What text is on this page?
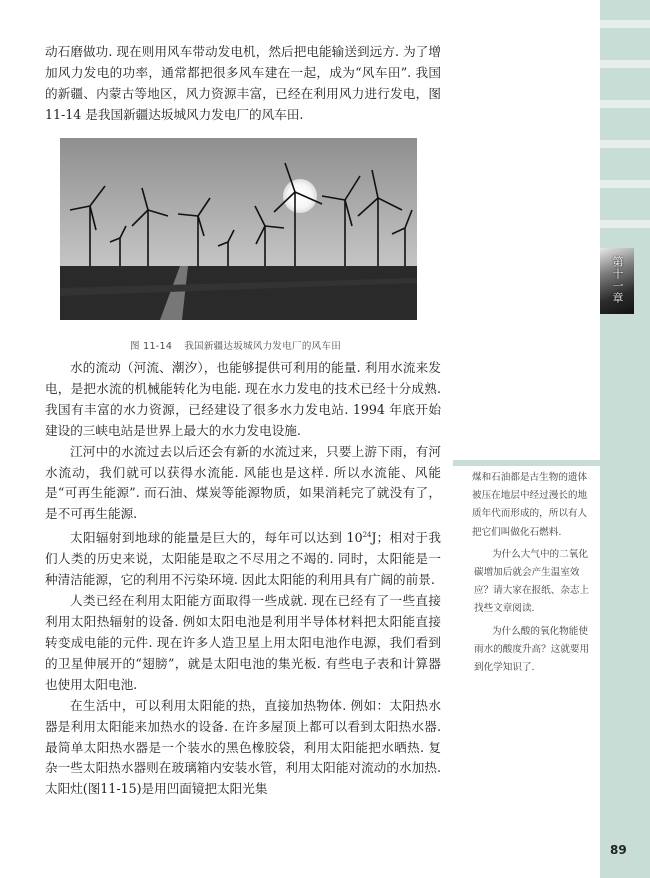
第十一章

动石磨做功. 现在则用风车带动发电机，然后把电能输送到远方. 为了增加风力发电的功率，通常都把很多风车建在一起，成为“风车田”. 我国的新疆、内蒙古等地区，风力资源丰富，已经在利用风力进行发电，图 11-14 是我国新疆达坂城风力发电厂的风车田.

图 11-14 我国新疆达坂城风力发电厂的风车田

水的流动（河流、潮汐），也能够提供可利用的能量. 利用水流来发电，是把水流的机械能转化为电能. 现在水力发电的技术已经十分成熟. 我国有丰富的水力资源，已经建设了很多水力发电站. 1994 年底开始建设的三峡电站是世界上最大的水力发电设施.

江河中的水流过去以后还会有新的水流过来，只要上游下雨，有河水流动，我们就可以获得水流能. 风能也是这样. 所以水流能、风能是“可再生能源”. 而石油、煤炭等能源物质，如果消耗完了就没有了，是不可再生能源.

太阳辐射到地球的能量是巨大的，每年可以达到 $10^{24}J$；相对于我们人类的历史来说，太阳能是取之不尽用之不竭的. 同时，太阳能是一种清洁能源，它的利用不污染环境. 因此太阳能的利用具有广阔的前景.

人类已经在利用太阳能方面取得一些成就. 现在已经有了一些直接利用太阳热辐射的设备. 例如太阳电池是利用半导体材料把太阳能直接转变成电能的元件. 现在许多人造卫星上用太阳电池作电源，我们看到的卫星伸展开的“翅膀”，就是太阳电池的集光板. 有些电子表和计算器也使用太阳电池.

在生活中，可以利用太阳能的热，直接加热物体. 例如：太阳热水器是利用太阳能来加热水的设备. 在许多屋顶上都可以看到太阳热水器. 最简单太阳热水器是一个装水的黑色橡胶袋，利用太阳能把水晒热. 复杂一些太阳热水器则在玻璃箱内安装水管，利用太阳能对流动的水加热. 太阳灶(图11-15)是用凹面镜把太阳光集

煤和石油都是古生物的遗体被压在地层中经过漫长的地质年代而形成的，所以有人把它们叫做化石燃料.

为什么大气中的二氧化碳增加后就会产生温室效应？请大家在报纸、杂志上找些文章阅读.

为什么酸的氧化物能使雨水的酸度升高？这就要用到化学知识了.

89
